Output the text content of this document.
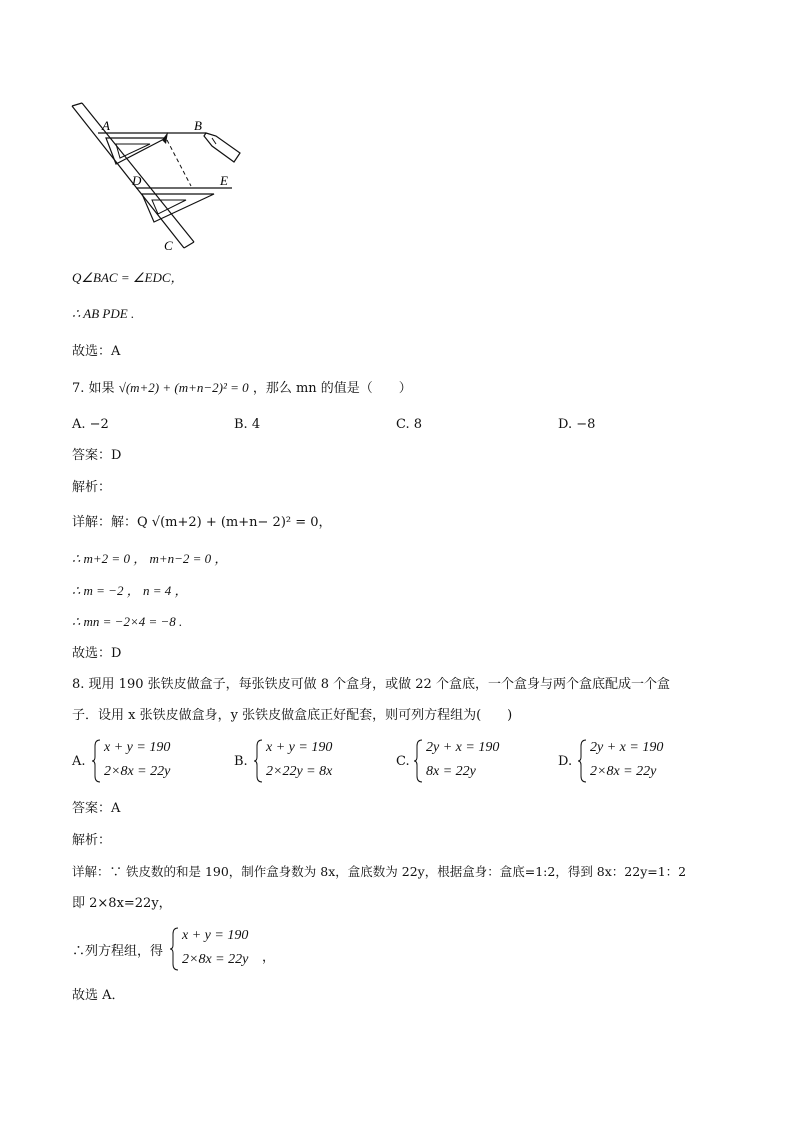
A	B
D	E
C
Q∠BAC = ∠EDC，
∴ AB PDE .
故选：A
7. 如果 √(m+2) + (m+n−2)² = 0 ，那么 mn 的值是（　　）
A. −2	B. 4	C. 8	D. −8
答案：D
解析：
详解：解：Q √(m+2) + (m+n− 2)² = 0，
∴ m+2 = 0 ， m+n−2 = 0 ，
∴ m = −2 ， n = 4 ，
∴ mn = −2×4 = −8 .
故选：D
8. 现用 190 张铁皮做盒子，每张铁皮可做 8 个盒身，或做 22 个盒底，一个盒身与两个盒底配成一个盒
子．设用 x 张铁皮做盒身，y 张铁皮做盒底正好配套，则可列方程组为(　　)
A.
x + y = 190
2×8x = 22y
B.
x + y = 190
2×22y = 8x
C.
2y + x = 190
8x = 22y
D.
2y + x = 190
2×8x = 22y
答案：A
解析：
详解：∵ 铁皮数的和是 190，制作盒身数为 8x，盒底数为 22y，根据盒身：盒底=1:2，得到 8x：22y=1：2
即 2×8x=22y，
∴列方程组，得
x + y = 190
2×8x = 22y ，
故选 A．
